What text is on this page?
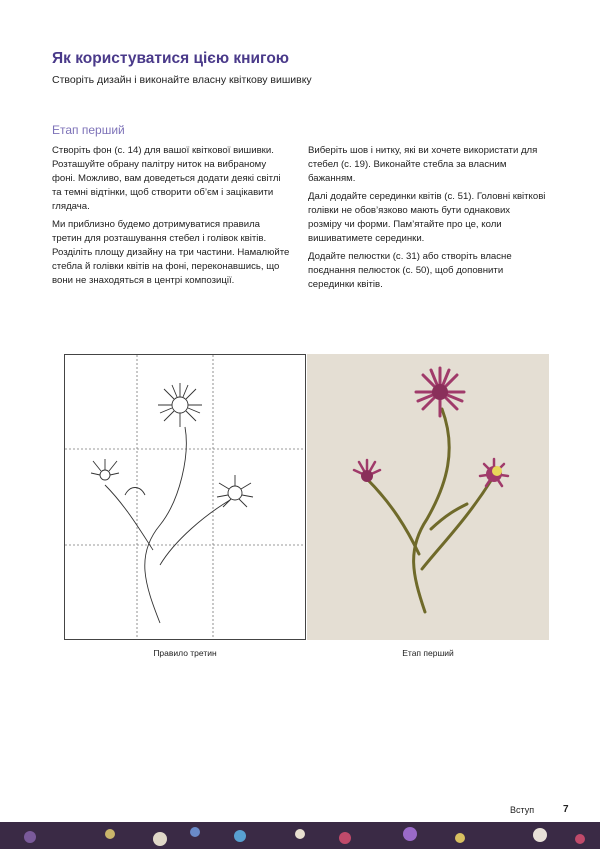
Як користуватися цією книгою
Створіть дизайн і виконайте власну квіткову вишивку
Етап перший

Створіть фон (с. 14) для вашої квіткової вишивки. Розташуйте обрану палітру ниток на вибраному фоні. Можливо, вам доведеться додати деякі світлі та темні відтінки, щоб створити об’єм і зацікавити глядача.

Ми приблизно будемо дотримуватися правила третин для розташування стебел і голівок квітів. Розділіть площу дизайну на три частини. Намалюйте стебла й голівки квітів на фоні, переконавшись, що вони не знаходяться в центрі композиції.

Виберіть шов і нитку, які ви хочете використати для стебел (с. 19). Виконайте стебла за власним бажанням.

Далі додайте серединки квітів (с. 51). Головні квіткові голівки не обов’язково мають бути однакових розміру чи форми. Пам’ятайте про це, коли вишиватимете серединки.

Додайте пелюстки (с. 31) або створіть власне поєднання пелюсток (с. 50), щоб доповнити серединки квітів.

Правило третин	Етап перший
Вступ	7
